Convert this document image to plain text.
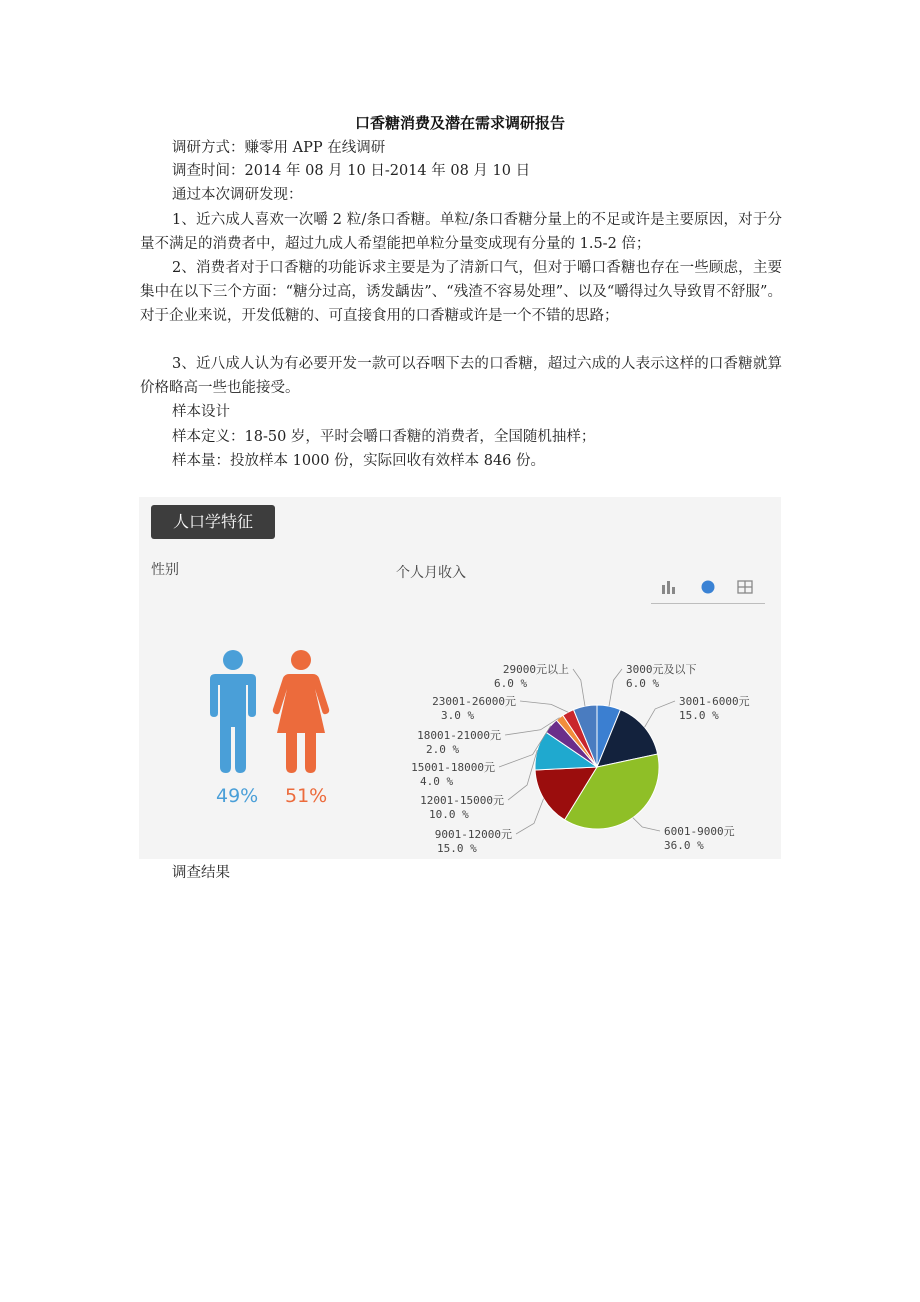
口香糖消费及潜在需求调研报告
调研方式：赚零用 APP 在线调研
调查时间：2014 年 08 月 10 日-2014 年 08 月 10 日
通过本次调研发现：
1、近六成人喜欢一次嚼 2 粒/条口香糖。单粒/条口香糖分量上的不足或许是主要原因，对于分量不满足的消费者中，超过九成人希望能把单粒分量变成现有分量的 1.5-2 倍；
2、消费者对于口香糖的功能诉求主要是为了清新口气，但对于嚼口香糖也存在一些顾虑，主要集中在以下三个方面：“糖分过高，诱发龋齿”、“残渣不容易处理”、以及“嚼得过久导致胃不舒服”。对于企业来说，开发低糖的、可直接食用的口香糖或许是一个不错的思路；
3、近八成人认为有必要开发一款可以吞咽下去的口香糖，超过六成的人表示这样的口香糖就算价格略高一些也能接受。
样本设计
样本定义：18-50 岁，平时会嚼口香糖的消费者，全国随机抽样；
样本量：投放样本 1000 份，实际回收有效样本 846 份。
人口学特征
性别	个人月收入
49% 51%
3000元及以下
6.0 %
3001-6000元
15.0 %
6001-9000元
36.0 %
9001-12000元
15.0 %
12001-15000元
10.0 %
15001-18000元
4.0 %
18001-21000元
2.0 %
23001-26000元
3.0 %
29000元以上
6.0 %
调查结果
